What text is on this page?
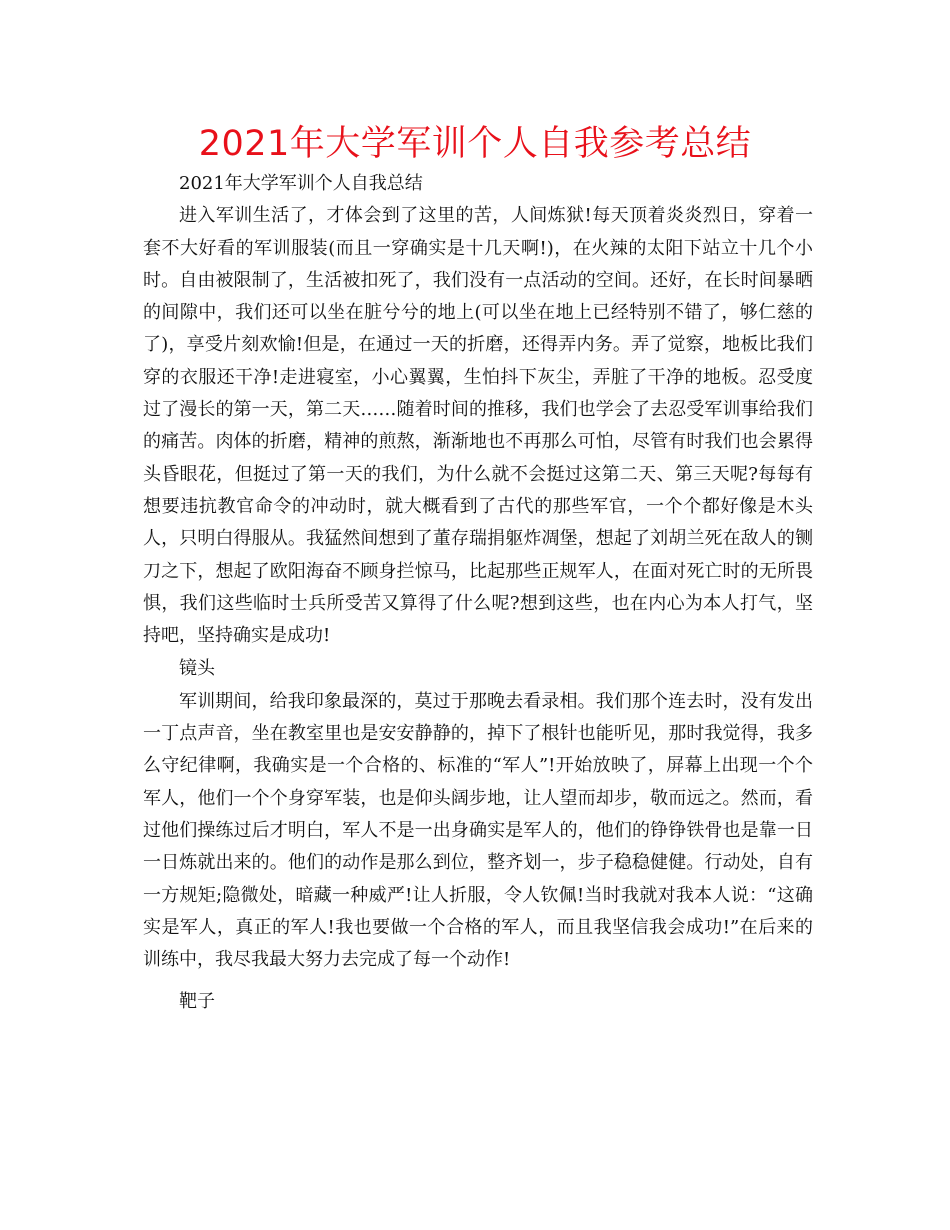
2021年大学军训个人自我参考总结

2021年大学军训个人自我总结

进入军训生活了，才体会到了这里的苦，人间炼狱!每天顶着炎炎烈日，穿着一套不大好看的军训服装(而且一穿确实是十几天啊!)，在火辣的太阳下站立十几个小时。自由被限制了，生活被扣死了，我们没有一点活动的空间。还好，在长时间暴晒的间隙中，我们还可以坐在脏兮兮的地上(可以坐在地上已经特别不错了，够仁慈的了)，享受片刻欢愉!但是，在通过一天的折磨，还得弄内务。弄了觉察，地板比我们穿的衣服还干净!走进寝室，小心翼翼，生怕抖下灰尘，弄脏了干净的地板。忍受度过了漫长的第一天，第二天……随着时间的推移，我们也学会了去忍受军训事给我们的痛苦。肉体的折磨，精神的煎熬，渐渐地也不再那么可怕，尽管有时我们也会累得头昏眼花，但挺过了第一天的我们，为什么就不会挺过这第二天、第三天呢?每每有想要违抗教官命令的冲动时，就大概看到了古代的那些军官，一个个都好像是木头人，只明白得服从。我猛然间想到了董存瑞捐躯炸凋堡，想起了刘胡兰死在敌人的铡刀之下，想起了欧阳海奋不顾身拦惊马，比起那些正规军人，在面对死亡时的无所畏惧，我们这些临时士兵所受苦又算得了什么呢?想到这些，也在内心为本人打气，坚持吧，坚持确实是成功!

镜头

军训期间，给我印象最深的，莫过于那晚去看录相。我们那个连去时，没有发出一丁点声音，坐在教室里也是安安静静的，掉下了根针也能听见，那时我觉得，我多么守纪律啊，我确实是一个合格的、标准的“军人”!开始放映了，屏幕上出现一个个军人，他们一个个身穿军装，也是仰头阔步地，让人望而却步，敬而远之。然而，看过他们操练过后才明白，军人不是一出身确实是军人的，他们的铮铮铁骨也是靠一日一日炼就出来的。他们的动作是那么到位，整齐划一，步子稳稳健健。行动处，自有一方规矩;隐微处，暗藏一种威严!让人折服，令人钦佩!当时我就对我本人说：“这确实是军人，真正的军人!我也要做一个合格的军人，而且我坚信我会成功!”在后来的训练中，我尽我最大努力去完成了每一个动作!

靶子
